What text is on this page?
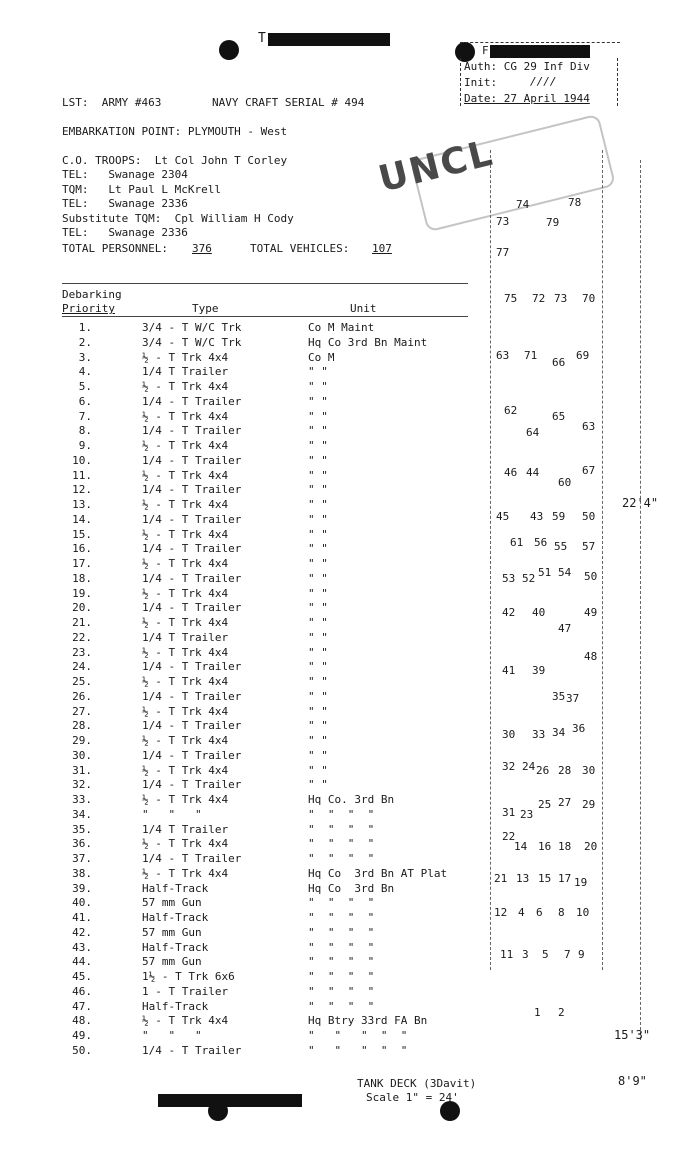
T
F
Auth: CG 29 Inf Div
Init:	////
Date: 27 April 1944
LST:  ARMY #463	NAVY CRAFT SERIAL # 494
EMBARKATION POINT: PLYMOUTH - West
C.O. TROOPS:  Lt Col John T Corley
TEL:   Swanage 2304
TQM:   Lt Paul L McKrell
TEL:   Swanage 2336
Substitute TQM:  Cpl William H Cody
TEL:   Swanage 2336
TOTAL PERSONNEL: 376	TOTAL VEHICLES: 107
Debarking
Priority	Type	Unit
1.	3/4 - T W/C Trk	Co M Maint
2.	3/4 - T W/C Trk	Hq Co 3rd Bn Maint
3.	½ - T Trk 4x4	Co M
4.	1/4 T Trailer	" "
5.	½ - T Trk 4x4	" "
6.	1/4 - T Trailer	" "
7.	½ - T Trk 4x4	" "
8.	1/4 - T Trailer	" "
9.	½ - T Trk 4x4	" "
10.	1/4 - T Trailer	" "
11.	½ - T Trk 4x4	" "
12.	1/4 - T Trailer	" "
13.	½ - T Trk 4x4	" "
14.	1/4 - T Trailer	" "
15.	½ - T Trk 4x4	" "
16.	1/4 - T Trailer	" "
17.	½ - T Trk 4x4	" "
18.	1/4 - T Trailer	" "
19.	½ - T Trk 4x4	" "
20.	1/4 - T Trailer	" "
21.	½ - T Trk 4x4	" "
22.	1/4 T Trailer	" "
23.	½ - T Trk 4x4	" "
24.	1/4 - T Trailer	" "
25.	½ - T Trk 4x4	" "
26.	1/4 - T Trailer	" "
27.	½ - T Trk 4x4	" "
28.	1/4 - T Trailer	" "
29.	½ - T Trk 4x4	" "
30.	1/4 - T Trailer	" "
31.	½ - T Trk 4x4	" "
32.	1/4 - T Trailer	" "
33.	½ - T Trk 4x4	Hq Co. 3rd Bn
34.	"   "   "	"  "  "  "
35.	1/4 T Trailer	"  "  "  "
36.	½ - T Trk 4x4	"  "  "  "
37.	1/4 - T Trailer	"  "  "  "
38.	½ - T Trk 4x4	Hq Co  3rd Bn AT Plat
39.	Half-Track	Hq Co  3rd Bn
40.	57 mm Gun	"  "  "  "
41.	Half-Track	"  "  "  "
42.	57 mm Gun	"  "  "  "
43.	Half-Track	"  "  "  "
44.	57 mm Gun	"  "  "  "
45.	1½ - T Trk 6x6	"  "  "  "
46.	1 - T Trailer	"  "  "  "
47.	Half-Track	"  "  "  "
48.	½ - T Trk 4x4	Hq Btry 33rd FA Bn
49.	"   "   "	"   "   "  "  "
50.	1/4 - T Trailer	"   "   "  "  "
UNCL
22'4"
15'3"
8'9"
74	78
73	79
77
75 72 73 70
63 71
66
69
62	65
64	63
46 44
60
67
45 43 59 50
61 56 55 57
53 52 51 54 50
42 40	49
47
41 39
48
35 37
30 33 34 36
32 24 26 28 30
31 23
25 27 29
22
14 16 18 20
21 13 15 17 19
12 4 6 8 10
11 3 5 7 9
1 2
TANK DECK (3Davit)
Scale 1" = 24'
